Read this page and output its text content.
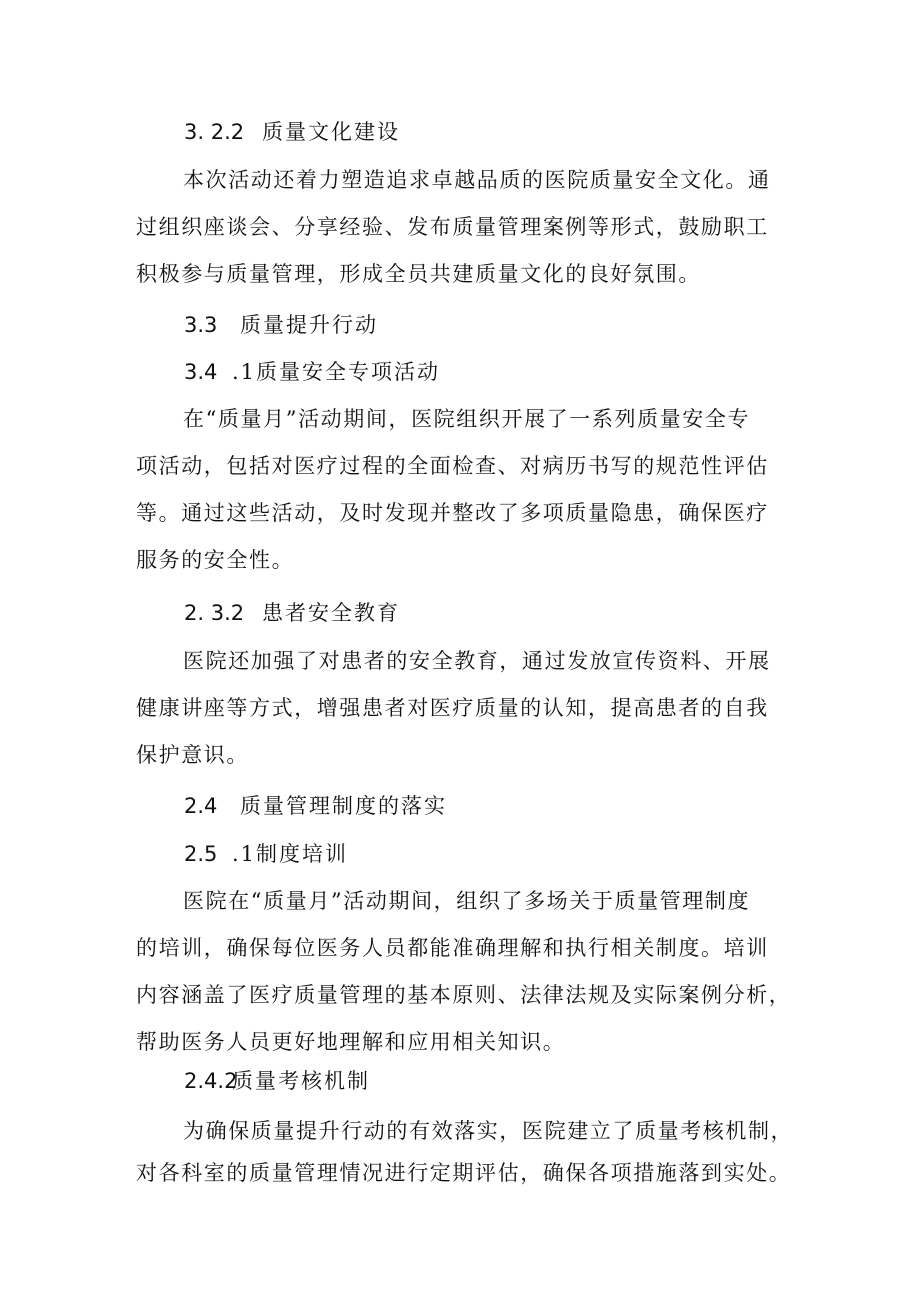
3. 2.2 质量文化建设
本次活动还着力塑造追求卓越品质的医院质量安全文化。通
过组织座谈会、分享经验、发布质量管理案例等形式，鼓励职工
积极参与质量管理，形成全员共建质量文化的良好氛围。
3.3 质量提升行动
3.4 .1质量安全专项活动
在“质量月”活动期间，医院组织开展了一系列质量安全专
项活动，包括对医疗过程的全面检查、对病历书写的规范性评估
等。通过这些活动，及时发现并整改了多项质量隐患，确保医疗
服务的安全性。
2. 3.2 患者安全教育
医院还加强了对患者的安全教育，通过发放宣传资料、开展
健康讲座等方式，增强患者对医疗质量的认知，提高患者的自我
保护意识。
2.4 质量管理制度的落实
2.5 .1制度培训
医院在“质量月”活动期间，组织了多场关于质量管理制度
的培训，确保每位医务人员都能准确理解和执行相关制度。培训
内容涵盖了医疗质量管理的基本原则、法律法规及实际案例分析，
帮助医务人员更好地理解和应用相关知识。
2.4.2质量考核机制
为确保质量提升行动的有效落实，医院建立了质量考核机制，
对各科室的质量管理情况进行定期评估，确保各项措施落到实处。
